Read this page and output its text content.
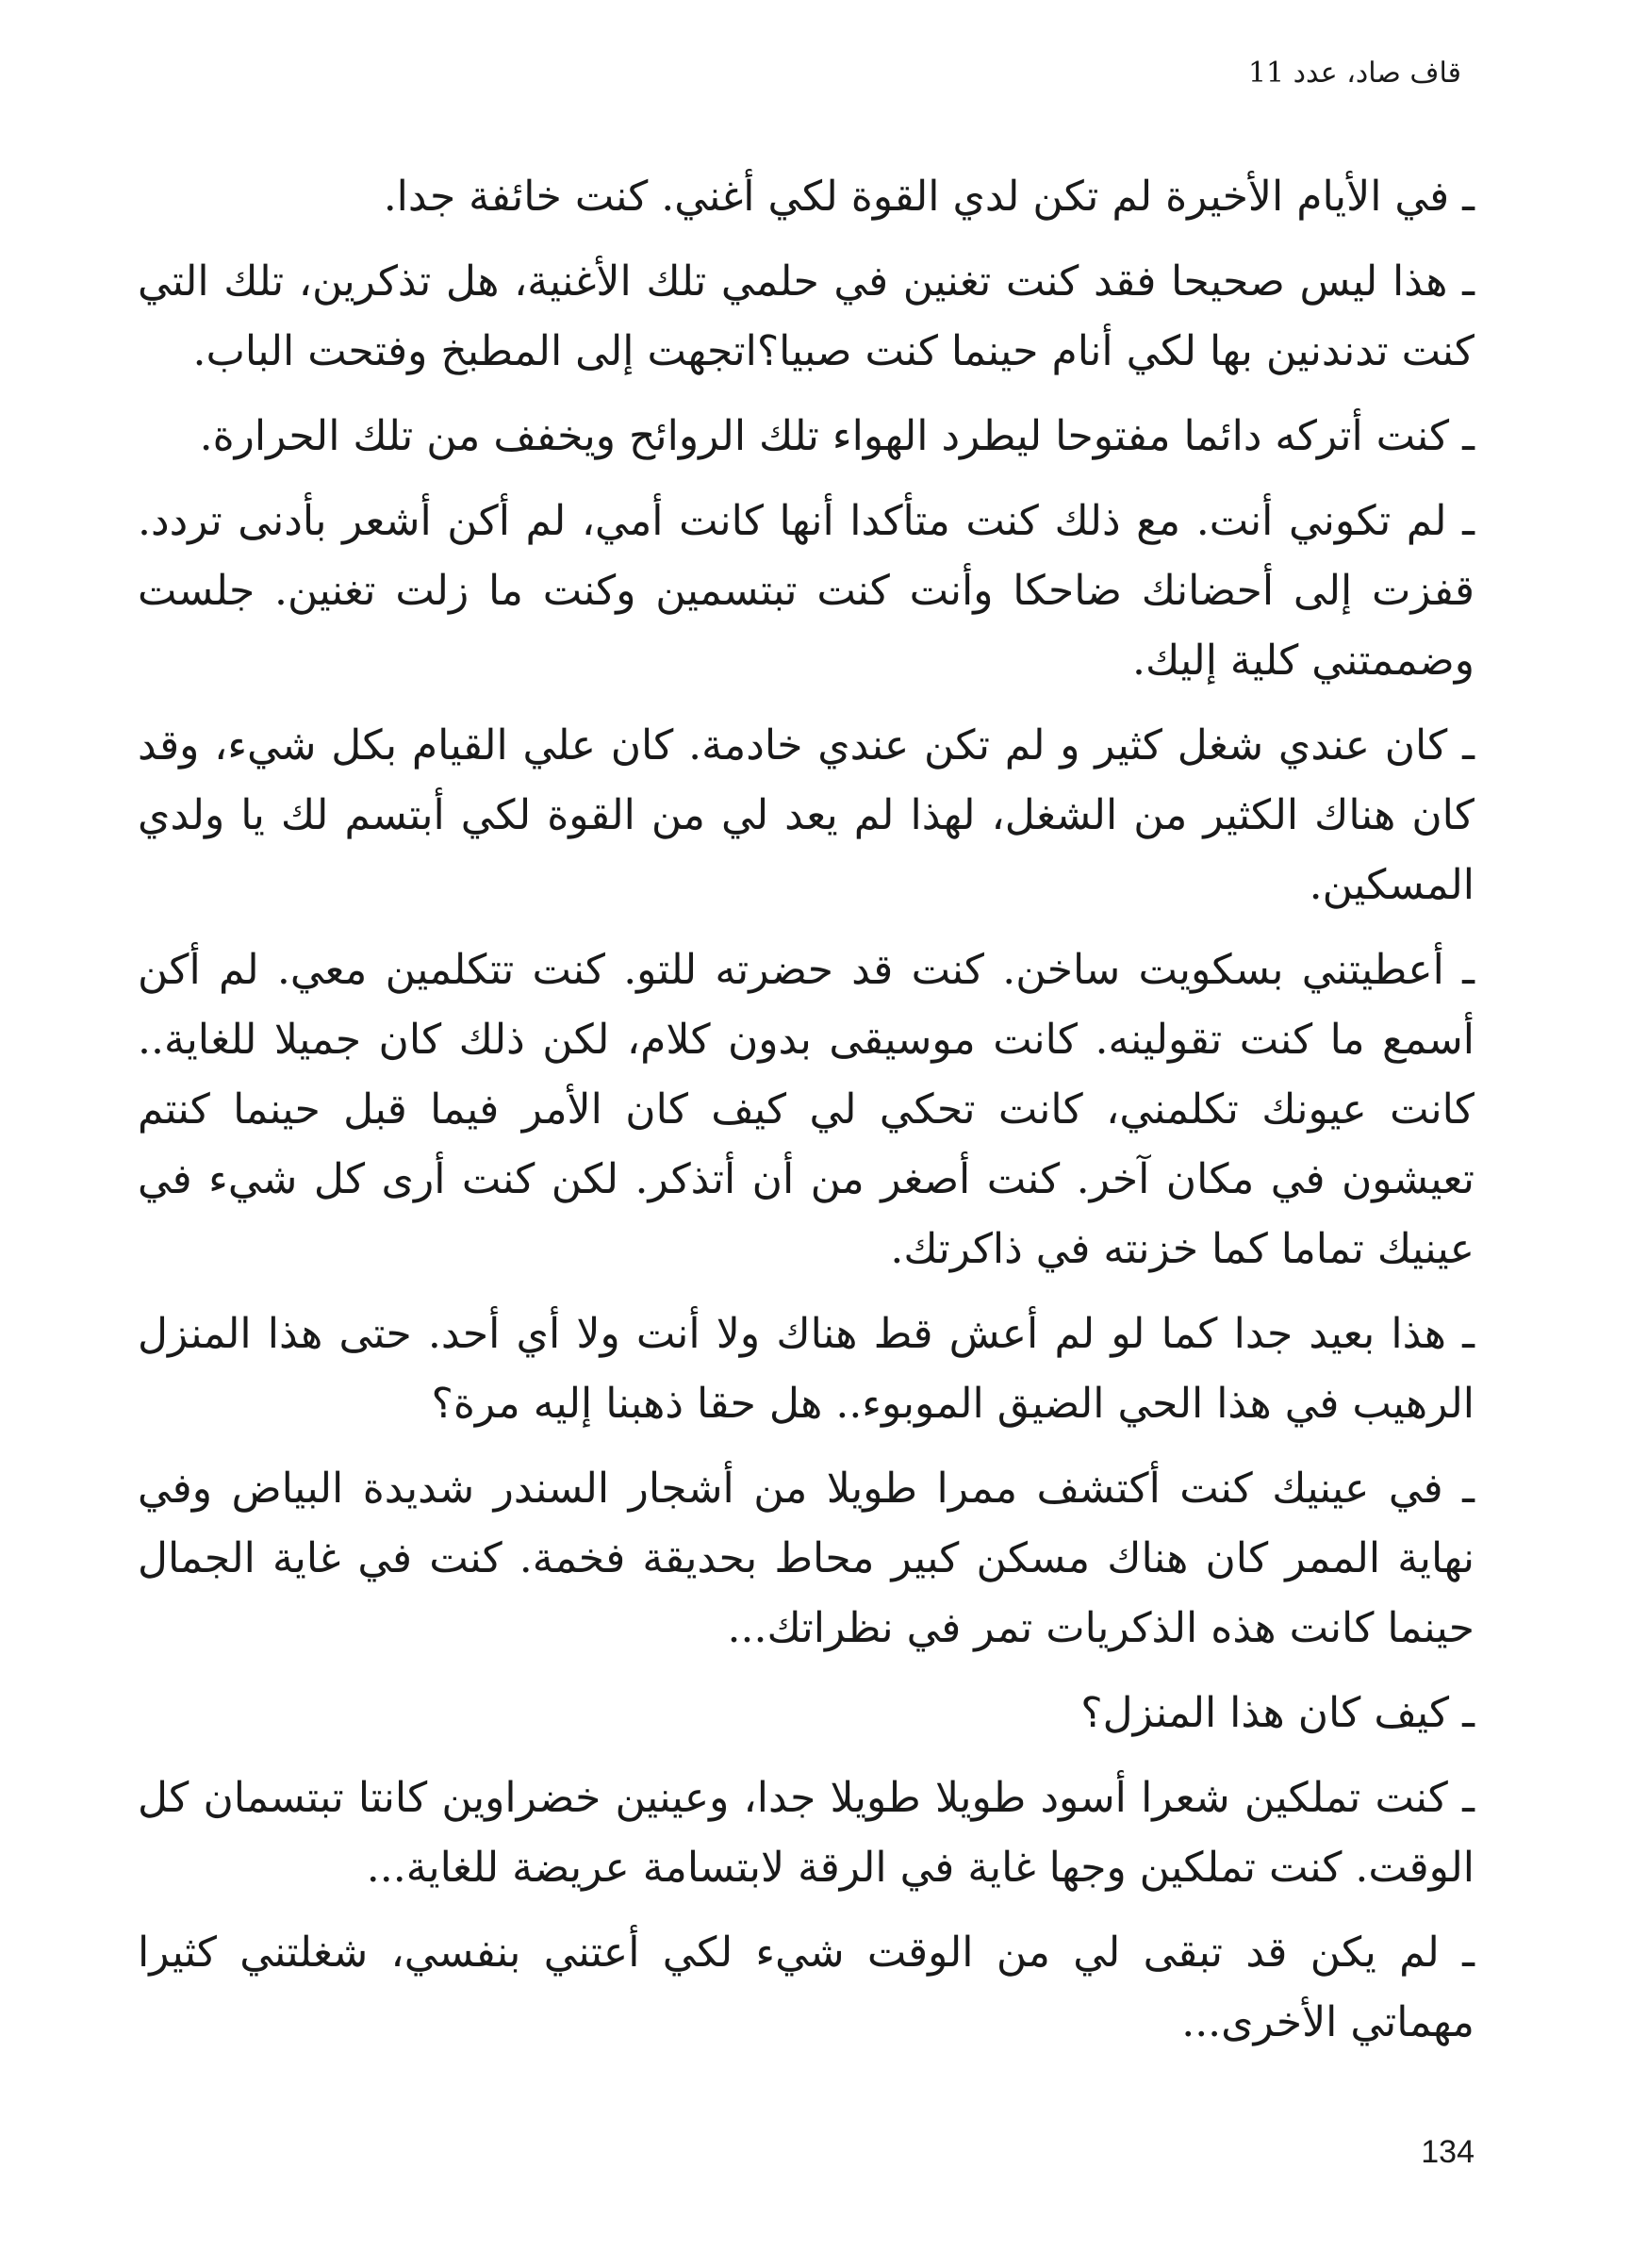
قاف صاد، عدد 11

ـ في الأيام الأخيرة لم تكن لدي القوة لكي أغني. كنت خائفة جدا.

ـ هذا ليس صحيحا فقد كنت تغنين في حلمي تلك الأغنية، هل تذكرين، تلك التي كنت تدندنين بها لكي أنام حينما كنت صبيا؟اتجهت إلى المطبخ وفتحت الباب.

ـ كنت أتركه دائما مفتوحا ليطرد الهواء تلك الروائح ويخفف من تلك الحرارة.

ـ لم تكوني أنت. مع ذلك كنت متأكدا أنها كانت أمي، لم أكن أشعر بأدنى تردد. قفزت إلى أحضانك ضاحكا وأنت كنت تبتسمين وكنت ما زلت تغنين. جلست وضممتني كلية إليك.

ـ كان عندي شغل كثير و لم تكن عندي خادمة. كان علي القيام بكل شيء، وقد كان هناك الكثير من الشغل، لهذا لم يعد لي من القوة لكي أبتسم لك يا ولدي المسكين.

ـ أعطيتني بسكويت ساخن. كنت قد حضرته للتو. كنت تتكلمين معي. لم أكن أسمع ما كنت تقولينه. كانت موسيقى بدون كلام، لكن ذلك كان جميلا للغاية.. كانت عيونك تكلمني، كانت تحكي لي كيف كان الأمر فيما قبل حينما كنتم تعيشون في مكان آخر. كنت أصغر من أن أتذكر. لكن كنت أرى كل شيء في عينيك تماما كما خزنته في ذاكرتك.

ـ هذا بعيد جدا كما لو لم أعش قط هناك ولا أنت ولا أي أحد. حتى هذا المنزل الرهيب في هذا الحي الضيق الموبوء.. هل حقا ذهبنا إليه مرة؟

ـ في عينيك كنت أكتشف ممرا طويلا من أشجار السندر شديدة البياض وفي نهاية الممر كان هناك مسكن كبير محاط بحديقة فخمة. كنت في غاية الجمال حينما كانت هذه الذكريات تمر في نظراتك...

ـ كيف كان هذا المنزل؟

ـ كنت تملكين شعرا أسود طويلا طويلا جدا، وعينين خضراوين كانتا تبتسمان كل الوقت. كنت تملكين وجها غاية في الرقة لابتسامة عريضة للغاية...

ـ لم يكن قد تبقى لي من الوقت شيء لكي أعتني بنفسي، شغلتني كثيرا مهماتي الأخرى...

134
